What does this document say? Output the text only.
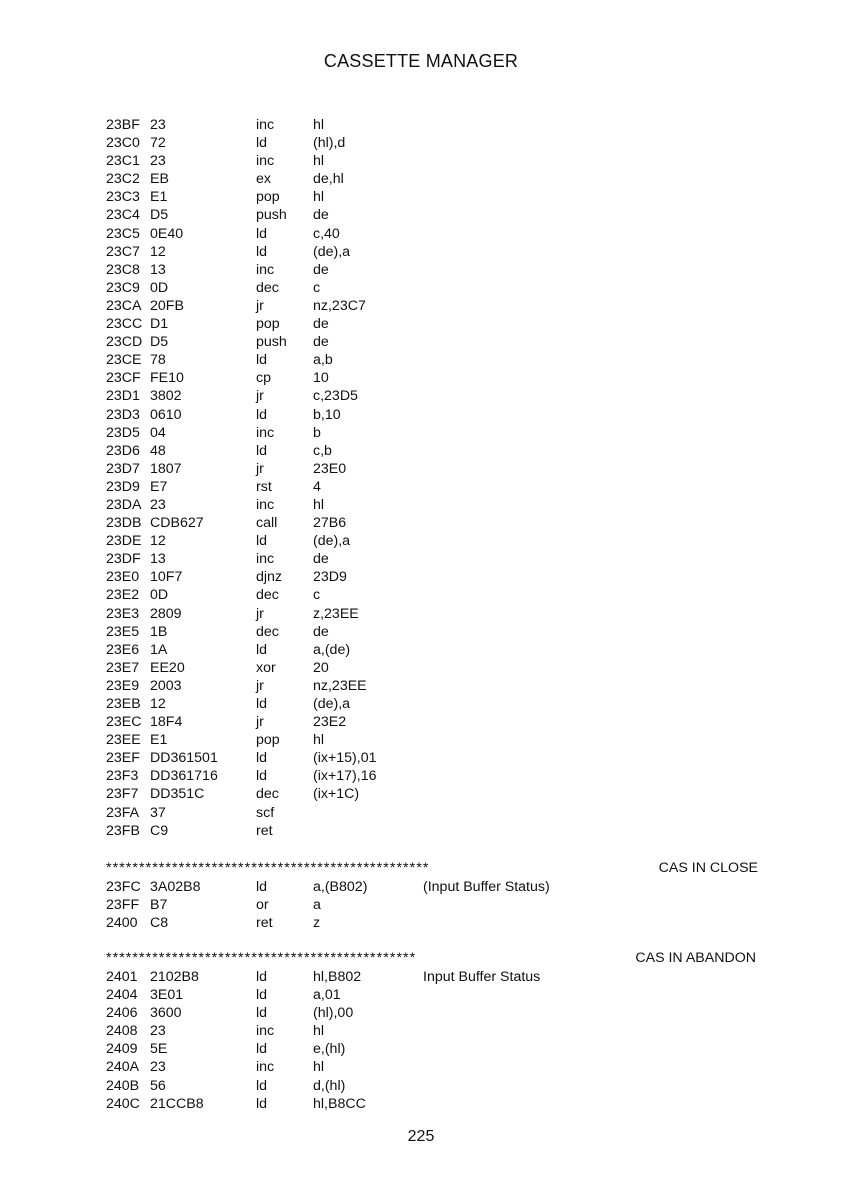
CASSETTE MANAGER
23BF 23	inc	hl
23C0 72	ld	(hl),d
23C1 23	inc	hl
23C2 EB	ex	de,hl
23C3 E1	pop hl
23C4 D5	push de
23C5 0E40	ld	c,40
23C7 12	ld	(de),a
23C8 13	inc	de
23C9 0D	dec c
23CA 20FB	jr	nz,23C7
23CC D1	pop de
23CD D5	push de
23CE 78	ld	a,b
23CF FE10	cp	10
23D1 3802	jr	c,23D5
23D3 0610	ld	b,10
23D5 04	inc	b
23D6 48	ld	c,b
23D7 1807	jr	23E0
23D9 E7	rst	4
23DA 23	inc	hl
23DB CDB627	call	27B6
23DE 12	ld	(de),a
23DF 13	inc	de
23E0 10F7	djnz 23D9
23E2 0D	dec c
23E3 2809	jr	z,23EE
23E5 1B	dec de
23E6 1A	ld	a,(de)
23E7 EE20	xor	20
23E9 2003	jr	nz,23EE
23EB 12	ld	(de),a
23EC 18F4	jr	23E2
23EE E1	pop hl
23EF DD361501	ld	(ix+15),01
23F3 DD361716	ld	(ix+17),16
23F7 DD351C	dec (ix+1C)
23FA 37	scf
23FB C9	ret
*************************************************	CAS IN CLOSE
23FC 3A02B8	ld	a,(B802)	(Input Buffer Status)
23FF B7	or	a
2400 C8	ret	z
***********************************************	CAS IN ABANDON
2401 2102B8	ld	hl,B802	Input Buffer Status
2404 3E01	ld	a,01
2406 3600	ld	(hl),00
2408 23	inc	hl
2409 5E	ld	e,(hl)
240A 23	inc	hl
240B 56	ld	d,(hl)
240C 21CCB8	ld	hl,B8CC
225
